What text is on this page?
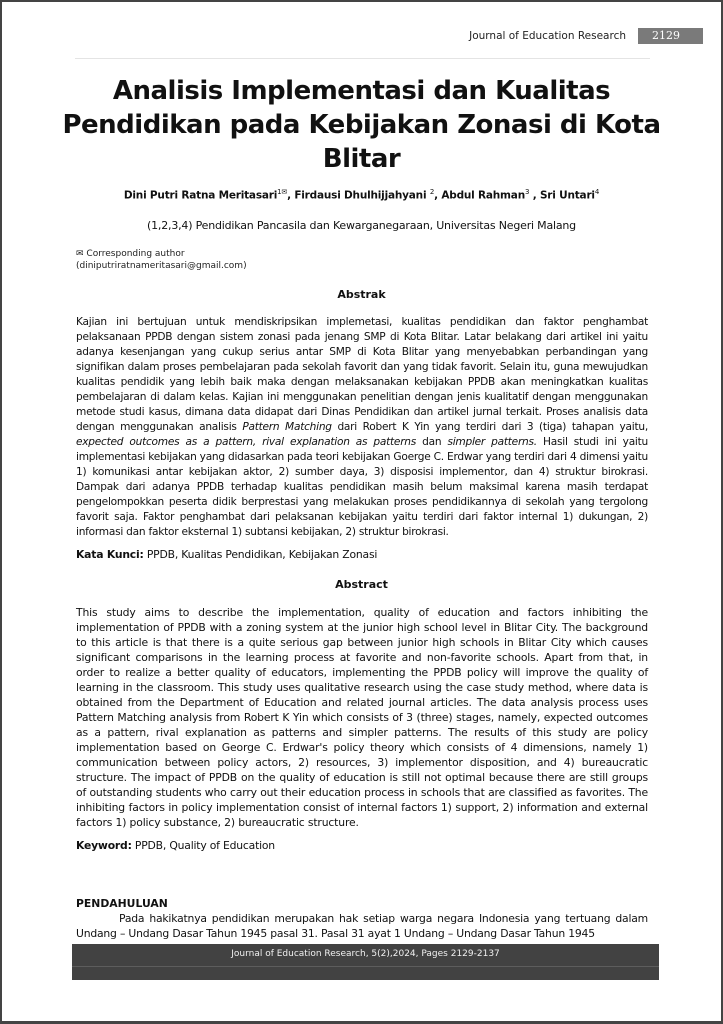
Journal of Education Research	2129
Analisis Implementasi dan Kualitas Pendidikan pada Kebijakan Zonasi di Kota Blitar
Dini Putri Ratna Meritasari$^{1✉}$, Firdausi Dhulhijjahyani $^2$, Abdul Rahman$^3$ , Sri Untari$^4$
(1,2,3,4) Pendidikan Pancasila dan Kewarganegaraan, Universitas Negeri Malang
✉ Corresponding author
(diniputriratnameritasari@gmail.com)
Abstrak

Kajian ini bertujuan untuk mendiskripsikan implemetasi, kualitas pendidikan dan faktor penghambat pelaksanaan PPDB dengan sistem zonasi pada jenang SMP di Kota Blitar. Latar belakang dari artikel ini yaitu adanya kesenjangan yang cukup serius antar SMP di Kota Blitar yang menyebabkan perbandingan yang signifikan dalam proses pembelajaran pada sekolah favorit dan yang tidak favorit. Selain itu, guna mewujudkan kualitas pendidik yang lebih baik maka dengan melaksanakan kebijakan PPDB akan meningkatkan kualitas pembelajaran di dalam kelas. Kajian ini menggunakan penelitian dengan jenis kualitatif dengan menggunakan metode studi kasus, dimana data didapat dari Dinas Pendidikan dan artikel jurnal terkait. Proses analisis data dengan menggunakan analisis Pattern Matching dari Robert K Yin yang terdiri dari 3 (tiga) tahapan yaitu, expected outcomes as a pattern, rival explanation as patterns dan simpler patterns. Hasil studi ini yaitu implementasi kebijakan yang didasarkan pada teori kebijakan Goerge C. Erdwar yang terdiri dari 4 dimensi yaitu 1) komunikasi antar kebijakan aktor, 2) sumber daya, 3) disposisi implementor, dan 4) struktur birokrasi. Dampak dari adanya PPDB terhadap kualitas pendidikan masih belum maksimal karena masih terdapat pengelompokkan peserta didik berprestasi yang melakukan proses pendidikannya di sekolah yang tergolong favorit saja. Faktor penghambat dari pelaksanan kebijakan yaitu terdiri dari faktor internal 1) dukungan, 2) informasi dan faktor eksternal 1) subtansi kebijakan, 2) struktur birokrasi.

Kata Kunci: PPDB, Kualitas Pendidikan, Kebijakan Zonasi
Abstract

This study aims to describe the implementation, quality of education and factors inhibiting the implementation of PPDB with a zoning system at the junior high school level in Blitar City. The background to this article is that there is a quite serious gap between junior high schools in Blitar City which causes significant comparisons in the learning process at favorite and non-favorite schools. Apart from that, in order to realize a better quality of educators, implementing the PPDB policy will improve the quality of learning in the classroom. This study uses qualitative research using the case study method, where data is obtained from the Department of Education and related journal articles. The data analysis process uses Pattern Matching analysis from Robert K Yin which consists of 3 (three) stages, namely, expected outcomes as a pattern, rival explanation as patterns and simpler patterns. The results of this study are policy implementation based on George C. Erdwar's policy theory which consists of 4 dimensions, namely 1) communication between policy actors, 2) resources, 3) implementor disposition, and 4) bureaucratic structure. The impact of PPDB on the quality of education is still not optimal because there are still groups of outstanding students who carry out their education process in schools that are classified as favorites. The inhibiting factors in policy implementation consist of internal factors 1) support, 2) information and external factors 1) policy substance, 2) bureaucratic structure.

Keyword: PPDB, Quality of Education
PENDAHULUAN

Pada hakikatnya pendidikan merupakan hak setiap warga negara Indonesia yang tertuang dalam Undang – Undang Dasar Tahun 1945 pasal 31. Pasal 31 ayat 1 Undang – Undang Dasar Tahun 1945

Journal of Education Research, 5(2),2024, Pages 2129-2137
